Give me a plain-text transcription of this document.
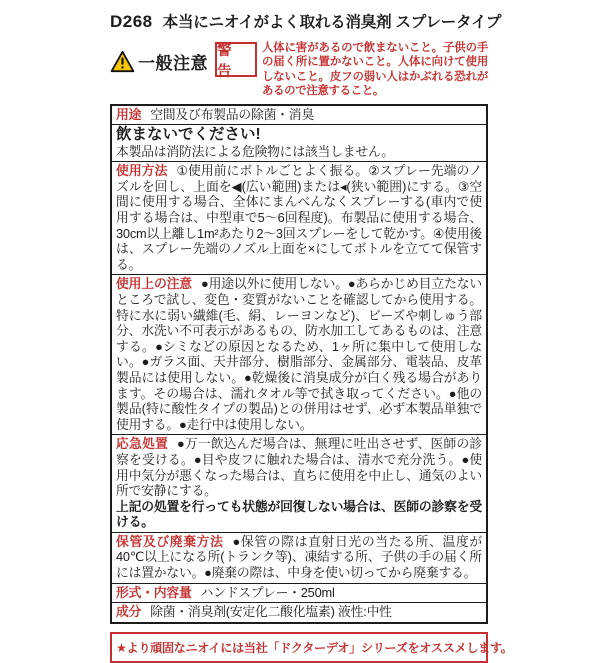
D268 本当にニオイがよく取れる消臭剤 スプレータイプ
一般注意
警 告

人体に害があるので飲まないこと。子供の手の届く所に置かないこと。人体に向けて使用しないこと。皮フの弱い人はかぶれる恐れがあるので注意すること。

用途 空間及び布製品の除菌・消臭

飲まないでください!

本製品は消防法による危険物には該当しません。

使用方法 ①使用前にボトルごとよく振る。②スプレー先端のノズルを回し、上面を◀(広い範囲)または◂(狭い範囲)にする。③空間に使用する場合、全体にまんべんなくスプレーする(車内で使用する場合は、中型車で5〜6回程度)。布製品に使用する場合、30cm以上離し1m²あたり2〜3回スプレーをして乾かす。④使用後は、スプレー先端のノズル上面を×にしてボトルを立てて保管する。

使用上の注意 ●用途以外に使用しない。●あらかじめ目立たないところで試し、変色・変質がないことを確認してから使用する。特に水に弱い繊維(毛、絹、レーヨンなど)、ビーズや刺しゅう部分、水洗い不可表示があるもの、防水加工してあるものは、注意する。●シミなどの原因となるため、1ヶ所に集中して使用しない。●ガラス面、天井部分、樹脂部分、金属部分、電装品、皮革製品には使用しない。●乾燥後に消臭成分が白く残る場合があります。その場合は、濡れタオル等で拭き取ってください。●他の製品(特に酸性タイプの製品)との併用はせず、必ず本製品単独で使用する。●走行中は使用しない。

応急処置 ●万一飲込んだ場合は、無理に吐出させず、医師の診察を受ける。●目や皮フに触れた場合は、清水で充分洗う。●使用中気分が悪くなった場合は、直ちに使用を中止し、通気のよい所で安静にする。

上記の処置を行っても状態が回復しない場合は、医師の診察を受ける。

保管及び廃棄方法 ●保管の際は直射日光の当たる所、温度が40℃以上になる所(トランク等)、凍結する所、子供の手の届く所には置かない。●廃棄の際は、中身を使い切ってから廃棄する。

形式・内容量 ハンドスプレー・250ml

成分 除菌・消臭剤(安定化二酸化塩素) 液性:中性

★より頑固なニオイには当社「ドクターデオ」シリーズをオススメします。
